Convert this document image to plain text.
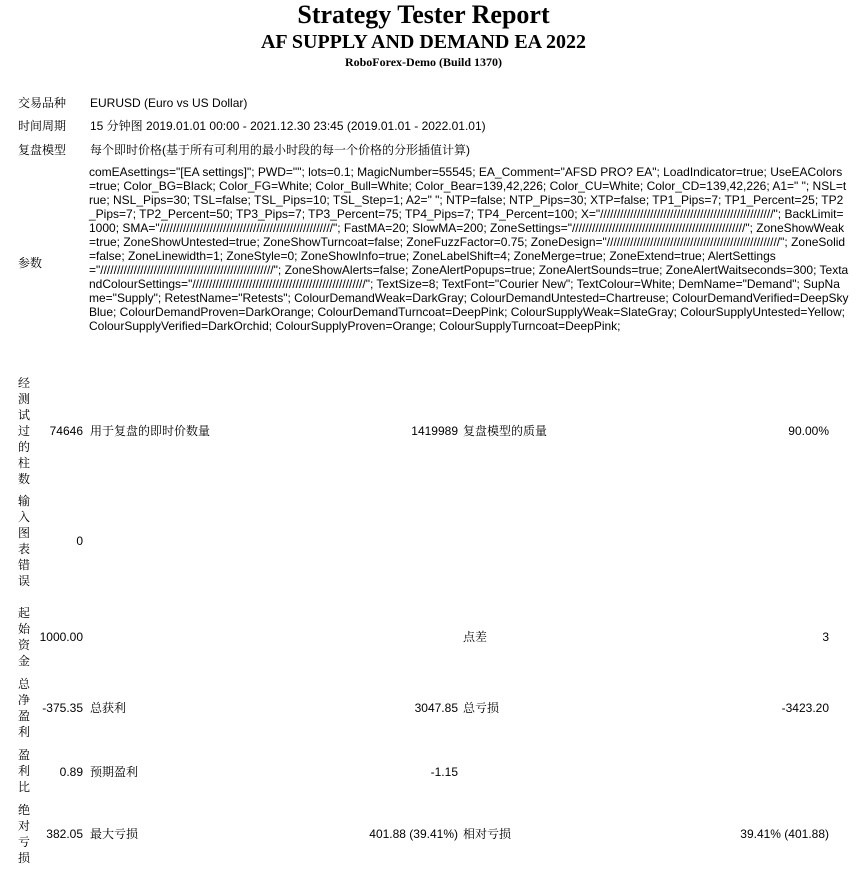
Strategy Tester Report
AF SUPPLY AND DEMAND EA 2022
RoboForex-Demo (Build 1370)
交易品种 EURUSD (Euro vs US Dollar)
时间周期 15 分钟图 2019.01.01 00:00 - 2021.12.30 23:45 (2019.01.01 - 2022.01.01)
复盘模型 每个即时价格(基于所有可利用的最小时段的每一个价格的分形插值计算)
参数
comEAsettings="[EA settings]"; PWD=""; lots=0.1; MagicNumber=55545; EA_Comment="AFSD PRO? EA"; LoadIndicator=true; UseEAColors=true; Color_BG=Black; Color_FG=White; Color_Bull=White; Color_Bear=139,42,226; Color_CU=White; Color_CD=139,42,226; A1=" "; NSL=true; NSL_Pips=30; TSL=false; TSL_Pips=10; TSL_Step=1; A2=" "; NTP=false; NTP_Pips=30; XTP=false; TP1_Pips=7; TP1_Percent=25; TP2_Pips=7; TP2_Percent=50; TP3_Pips=7; TP3_Percent=75; TP4_Pips=7; TP4_Percent=100; X="////////////////////////////////////////////////////"; BackLimit=1000; SMA="////////////////////////////////////////////////////"; FastMA=20; SlowMA=200; ZoneSettings="////////////////////////////////////////////////////"; ZoneShowWeak=true; ZoneShowUntested=true; ZoneShowTurncoat=false; ZoneFuzzFactor=0.75; ZoneDesign="////////////////////////////////////////////////////"; ZoneSolid=false; ZoneLinewidth=1; ZoneStyle=0; ZoneShowInfo=true; ZoneLabelShift=4; ZoneMerge=true; ZoneExtend=true; AlertSettings="////////////////////////////////////////////////////"; ZoneShowAlerts=false; ZoneAlertPopups=true; ZoneAlertSounds=true; ZoneAlertWaitseconds=300; TextandColourSettings="////////////////////////////////////////////////////"; TextSize=8; TextFont="Courier New"; TextColour=White; DemName="Demand"; SupName="Supply"; RetestName="Retests"; ColourDemandWeak=DarkGray; ColourDemandUntested=Chartreuse; ColourDemandVerified=DeepSkyBlue; ColourDemandProven=DarkOrange; ColourDemandTurncoat=DeepPink; ColourSupplyWeak=SlateGray; ColourSupplyUntested=Yellow; ColourSupplyVerified=DarkOrchid; ColourSupplyProven=Orange; ColourSupplyTurncoat=DeepPink;
经测试过的柱数
74646 用于复盘的即时价数量	1419989 复盘模型的质量	90.00%
输入图表错误
0
起始资金
1000.00	点差	3
总净盈利
-375.35 总获利	3047.85 总亏损	-3423.20
盈利比
0.89 预期盈利	-1.15
绝对亏损
382.05 最大亏损	401.88 (39.41%) 相对亏损	39.41% (401.88)
